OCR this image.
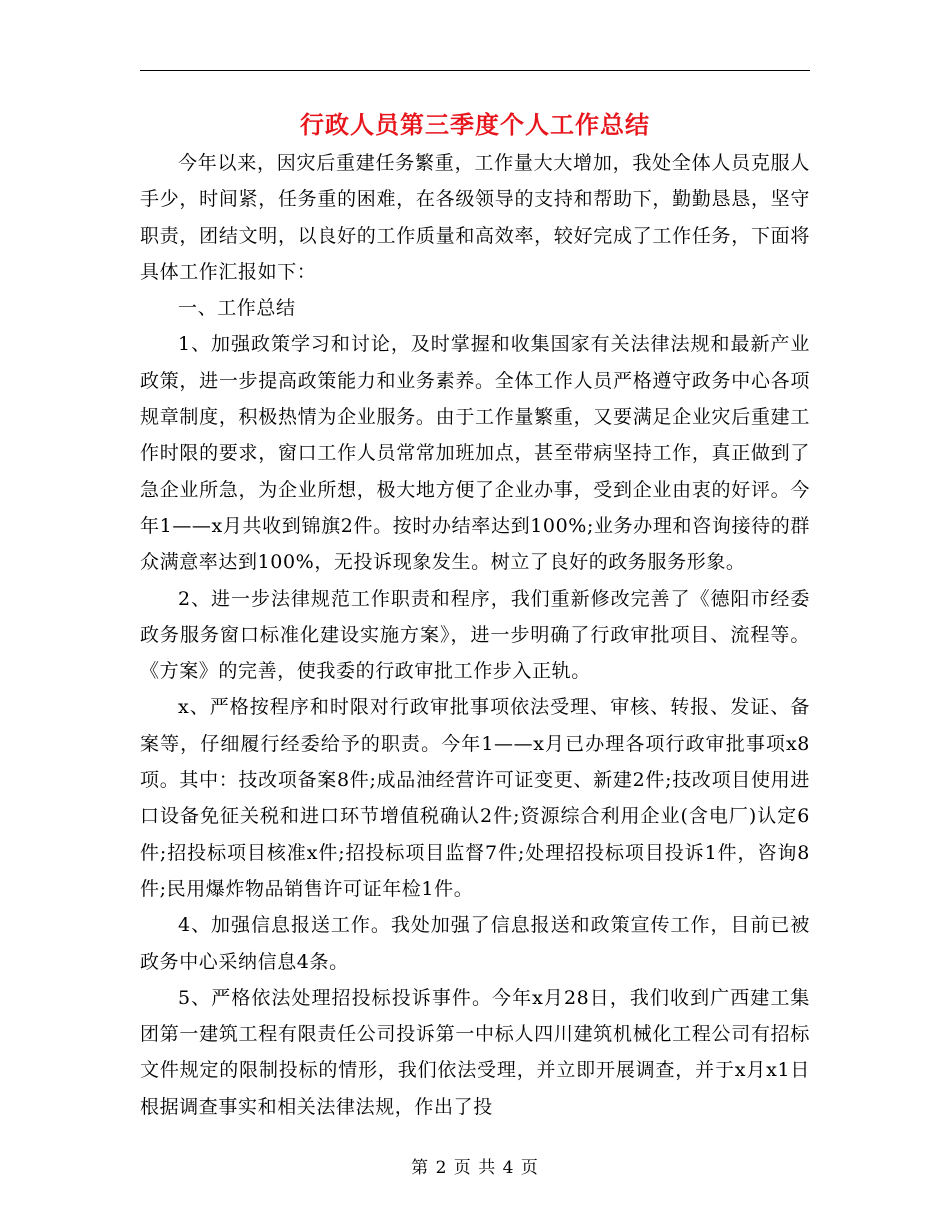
行政人员第三季度个人工作总结

今年以来，因灾后重建任务繁重，工作量大大增加，我处全体人员克服人手少，时间紧，任务重的困难，在各级领导的支持和帮助下，勤勤恳恳，坚守职责，团结文明，以良好的工作质量和高效率，较好完成了工作任务，下面将具体工作汇报如下：

一、工作总结

1、加强政策学习和讨论，及时掌握和收集国家有关法律法规和最新产业政策，进一步提高政策能力和业务素养。全体工作人员严格遵守政务中心各项规章制度，积极热情为企业服务。由于工作量繁重，又要满足企业灾后重建工作时限的要求，窗口工作人员常常加班加点，甚至带病坚持工作，真正做到了急企业所急，为企业所想，极大地方便了企业办事，受到企业由衷的好评。今年1——x月共收到锦旗2件。按时办结率达到100%;业务办理和咨询接待的群众满意率达到100%，无投诉现象发生。树立了良好的政务服务形象。

2、进一步法律规范工作职责和程序，我们重新修改完善了《德阳市经委政务服务窗口标准化建设实施方案》，进一步明确了行政审批项目、流程等。《方案》的完善，使我委的行政审批工作步入正轨。

x、严格按程序和时限对行政审批事项依法受理、审核、转报、发证、备案等，仔细履行经委给予的职责。今年1——x月已办理各项行政审批事项x8项。其中：技改项备案8件;成品油经营许可证变更、新建2件;技改项目使用进口设备免征关税和进口环节增值税确认2件;资源综合利用企业(含电厂)认定6件;招投标项目核准x件;招投标项目监督7件;处理招投标项目投诉1件，咨询8件;民用爆炸物品销售许可证年检1件。

4、加强信息报送工作。我处加强了信息报送和政策宣传工作，目前已被政务中心采纳信息4条。

5、严格依法处理招投标投诉事件。今年x月28日，我们收到广西建工集团第一建筑工程有限责任公司投诉第一中标人四川建筑机械化工程公司有招标文件规定的限制投标的情形，我们依法受理，并立即开展调查，并于x月x1日根据调查事实和相关法律法规，作出了投

第 2 页 共 4 页
